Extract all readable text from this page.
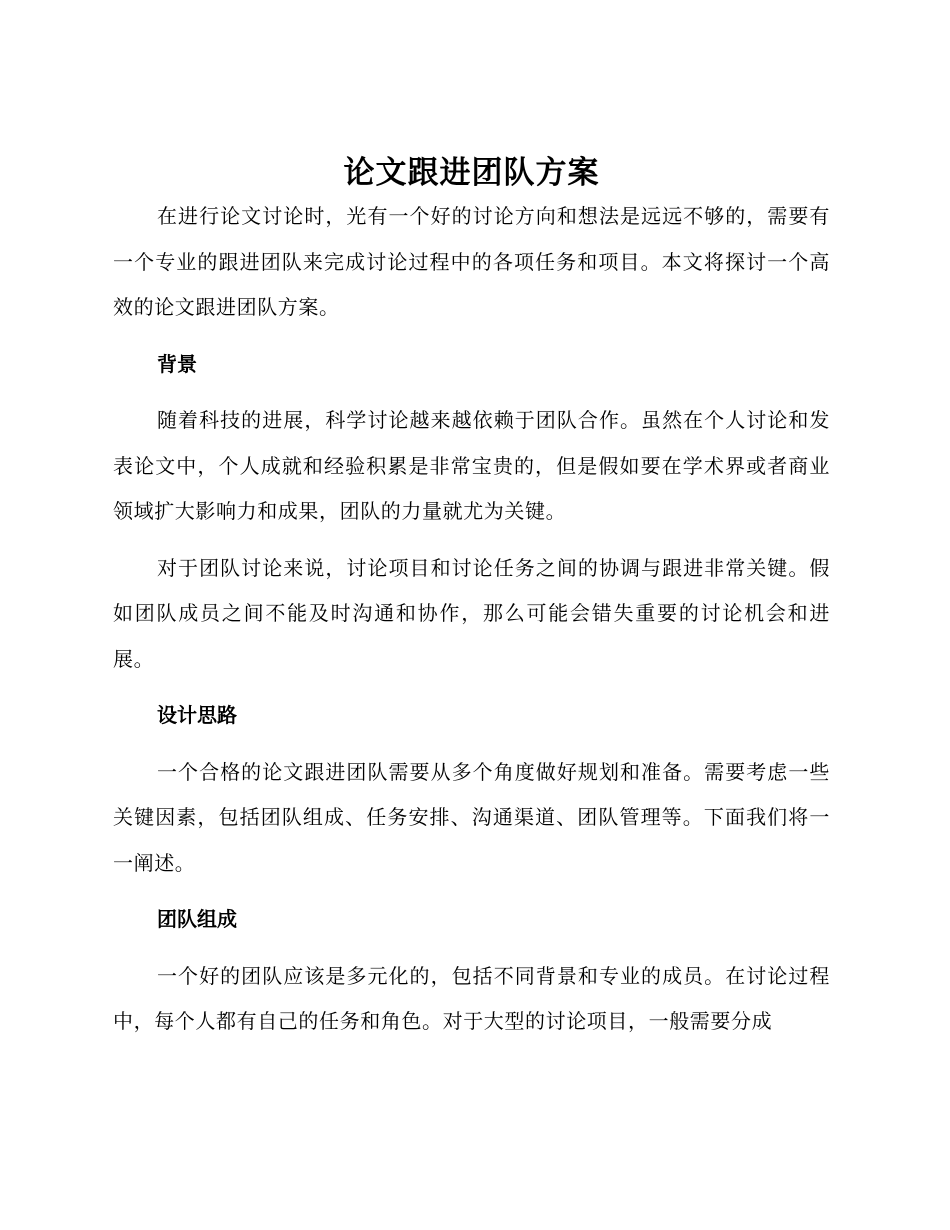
论文跟进团队方案

在进行论文讨论时，光有一个好的讨论方向和想法是远远不够的，需要有一个专业的跟进团队来完成讨论过程中的各项任务和项目。本文将探讨一个高效的论文跟进团队方案。

背景

随着科技的进展，科学讨论越来越依赖于团队合作。虽然在个人讨论和发表论文中，个人成就和经验积累是非常宝贵的，但是假如要在学术界或者商业领域扩大影响力和成果，团队的力量就尤为关键。

对于团队讨论来说，讨论项目和讨论任务之间的协调与跟进非常关键。假如团队成员之间不能及时沟通和协作，那么可能会错失重要的讨论机会和进展。

设计思路

一个合格的论文跟进团队需要从多个角度做好规划和准备。需要考虑一些关键因素，包括团队组成、任务安排、沟通渠道、团队管理等。下面我们将一一阐述。

团队组成

一个好的团队应该是多元化的，包括不同背景和专业的成员。在讨论过程中，每个人都有自己的任务和角色。对于大型的讨论项目，一般需要分成
